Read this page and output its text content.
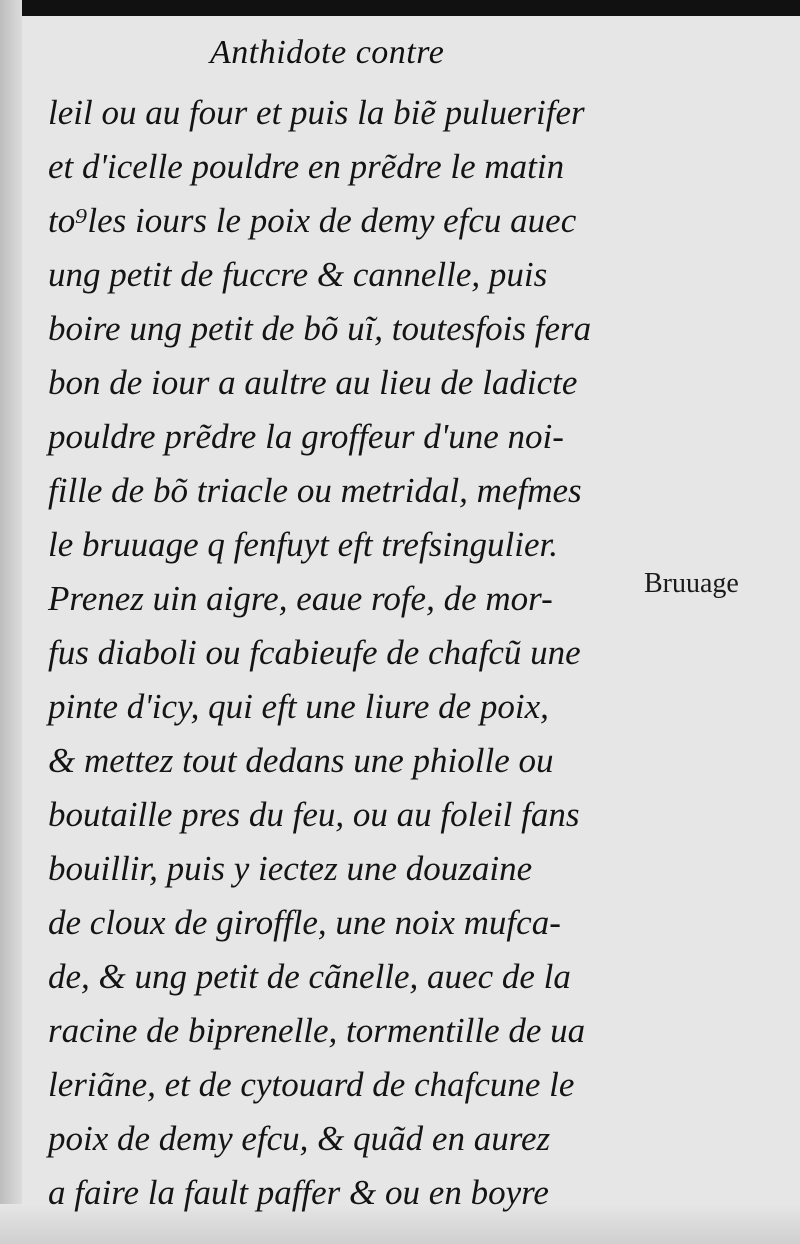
Anthidote contre
leil ou au four et puis la biẽ puluerifer
et d'icelle pouldre en prẽdre le matin
to⁹les iours le poix de demy efcu auec
ung petit de fuccre & cannelle, puis
boire ung petit de bõ uĩ, toutesfois fera
bon de iour a aultre au lieu de ladicte
pouldre prẽdre la groffeur d'une noi-
fille de bõ triacle ou metridal, mefmes
le bruuage q fenfuyt eft trefsingulier.
Prenez uin aigre, eaue rofe, de mor-
fus diaboli ou fcabieufe de chafcũ une
pinte d'icy, qui eft une liure de poix,
& mettez tout dedans une phiolle ou
boutaille pres du feu, ou au foleil fans
bouillir, puis y iectez une douzaine
de cloux de giroffle, une noix mufca-
de, & ung petit de cãnelle, auec de la
racine de biprenelle, tormentille de ua
leriãne, et de cytouard de chafcune le
poix de demy efcu, & quãd en aurez
a faire la fault paffer & ou en boyre
Bruuage
